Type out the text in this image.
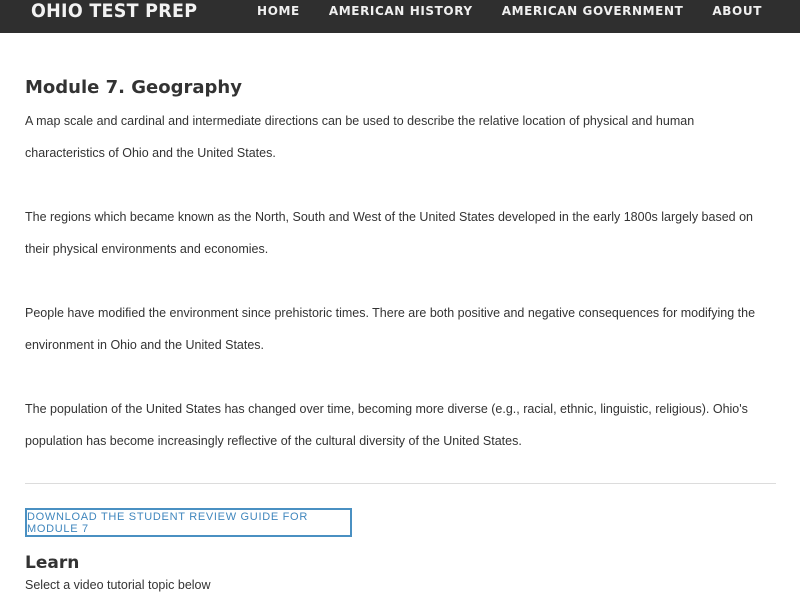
OHIO TEST PREP	HOME AMERICAN HISTORY AMERICAN GOVERNMENT ABOUT
Module 7. Geography

A map scale and cardinal and intermediate directions can be used to describe the relative location of physical and human characteristics of Ohio and the United States.

The regions which became known as the North, South and West of the United States developed in the early 1800s largely based on their physical environments and economies.

People have modified the environment since prehistoric times. There are both positive and negative consequences for modifying the environment in Ohio and the United States.

The population of the United States has changed over time, becoming more diverse (e.g., racial, ethnic, linguistic, religious). Ohio's population has become increasingly reflective of the cultural diversity of the United States.

DOWNLOAD THE STUDENT REVIEW GUIDE FOR MODULE 7
Learn
Select a video tutorial topic below
